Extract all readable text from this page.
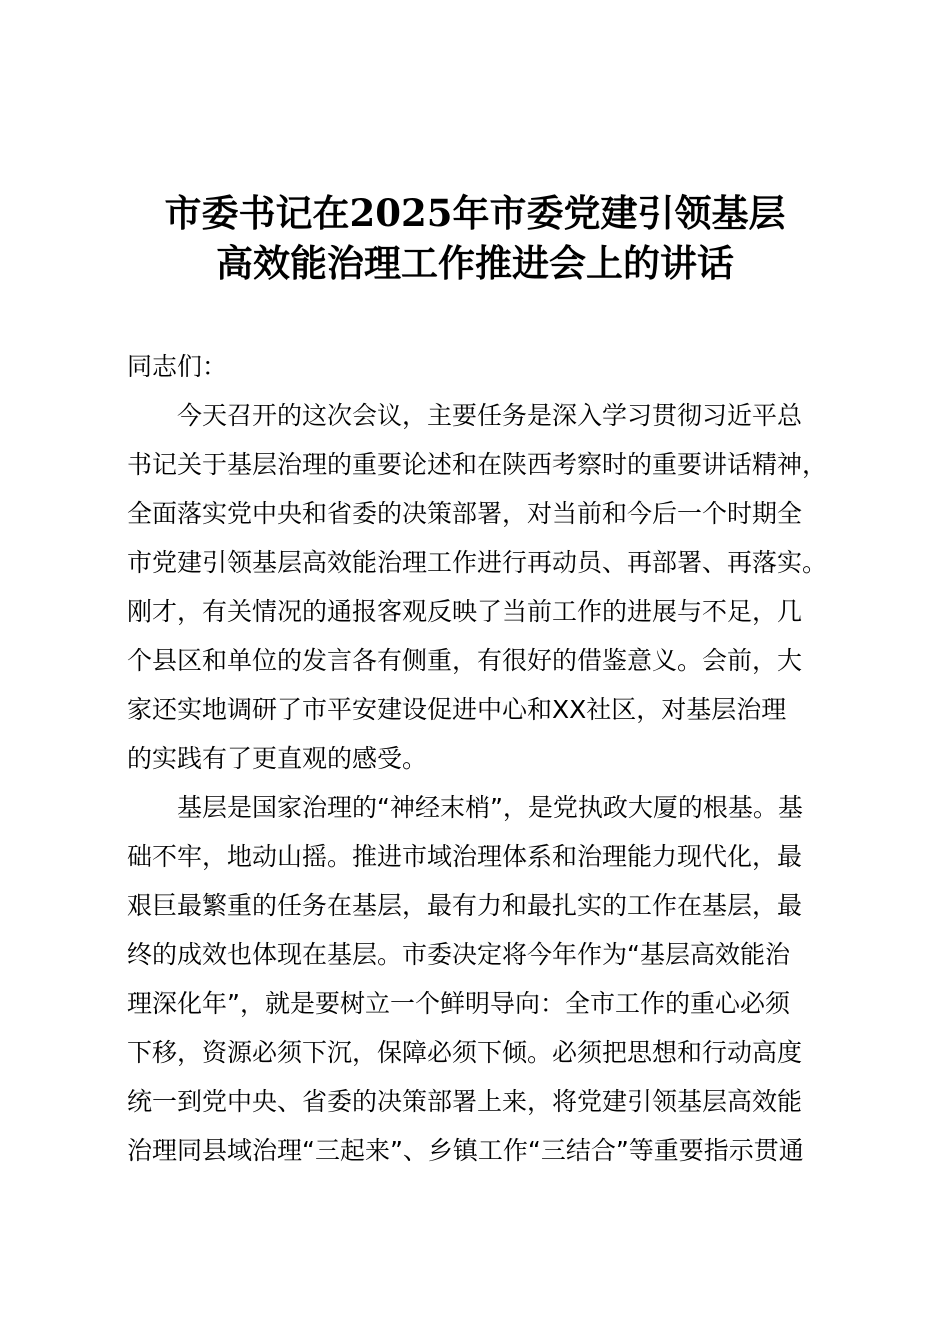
市委书记在2025年市委党建引领基层
高效能治理工作推进会上的讲话
同志们：
今天召开的这次会议，主要任务是深入学习贯彻习近平总
书记关于基层治理的重要论述和在陕西考察时的重要讲话精神，
全面落实党中央和省委的决策部署，对当前和今后一个时期全
市党建引领基层高效能治理工作进行再动员、再部署、再落实。
刚才，有关情况的通报客观反映了当前工作的进展与不足，几
个县区和单位的发言各有侧重，有很好的借鉴意义。会前，大
家还实地调研了市平安建设促进中心和XX社区，对基层治理
的实践有了更直观的感受。
基层是国家治理的“神经末梢”，是党执政大厦的根基。基
础不牢，地动山摇。推进市域治理体系和治理能力现代化，最
艰巨最繁重的任务在基层，最有力和最扎实的工作在基层，最
终的成效也体现在基层。市委决定将今年作为“基层高效能治
理深化年”，就是要树立一个鲜明导向：全市工作的重心必须
下移，资源必须下沉，保障必须下倾。必须把思想和行动高度
统一到党中央、省委的决策部署上来，将党建引领基层高效能
治理同县域治理“三起来”、乡镇工作“三结合”等重要指示贯通
